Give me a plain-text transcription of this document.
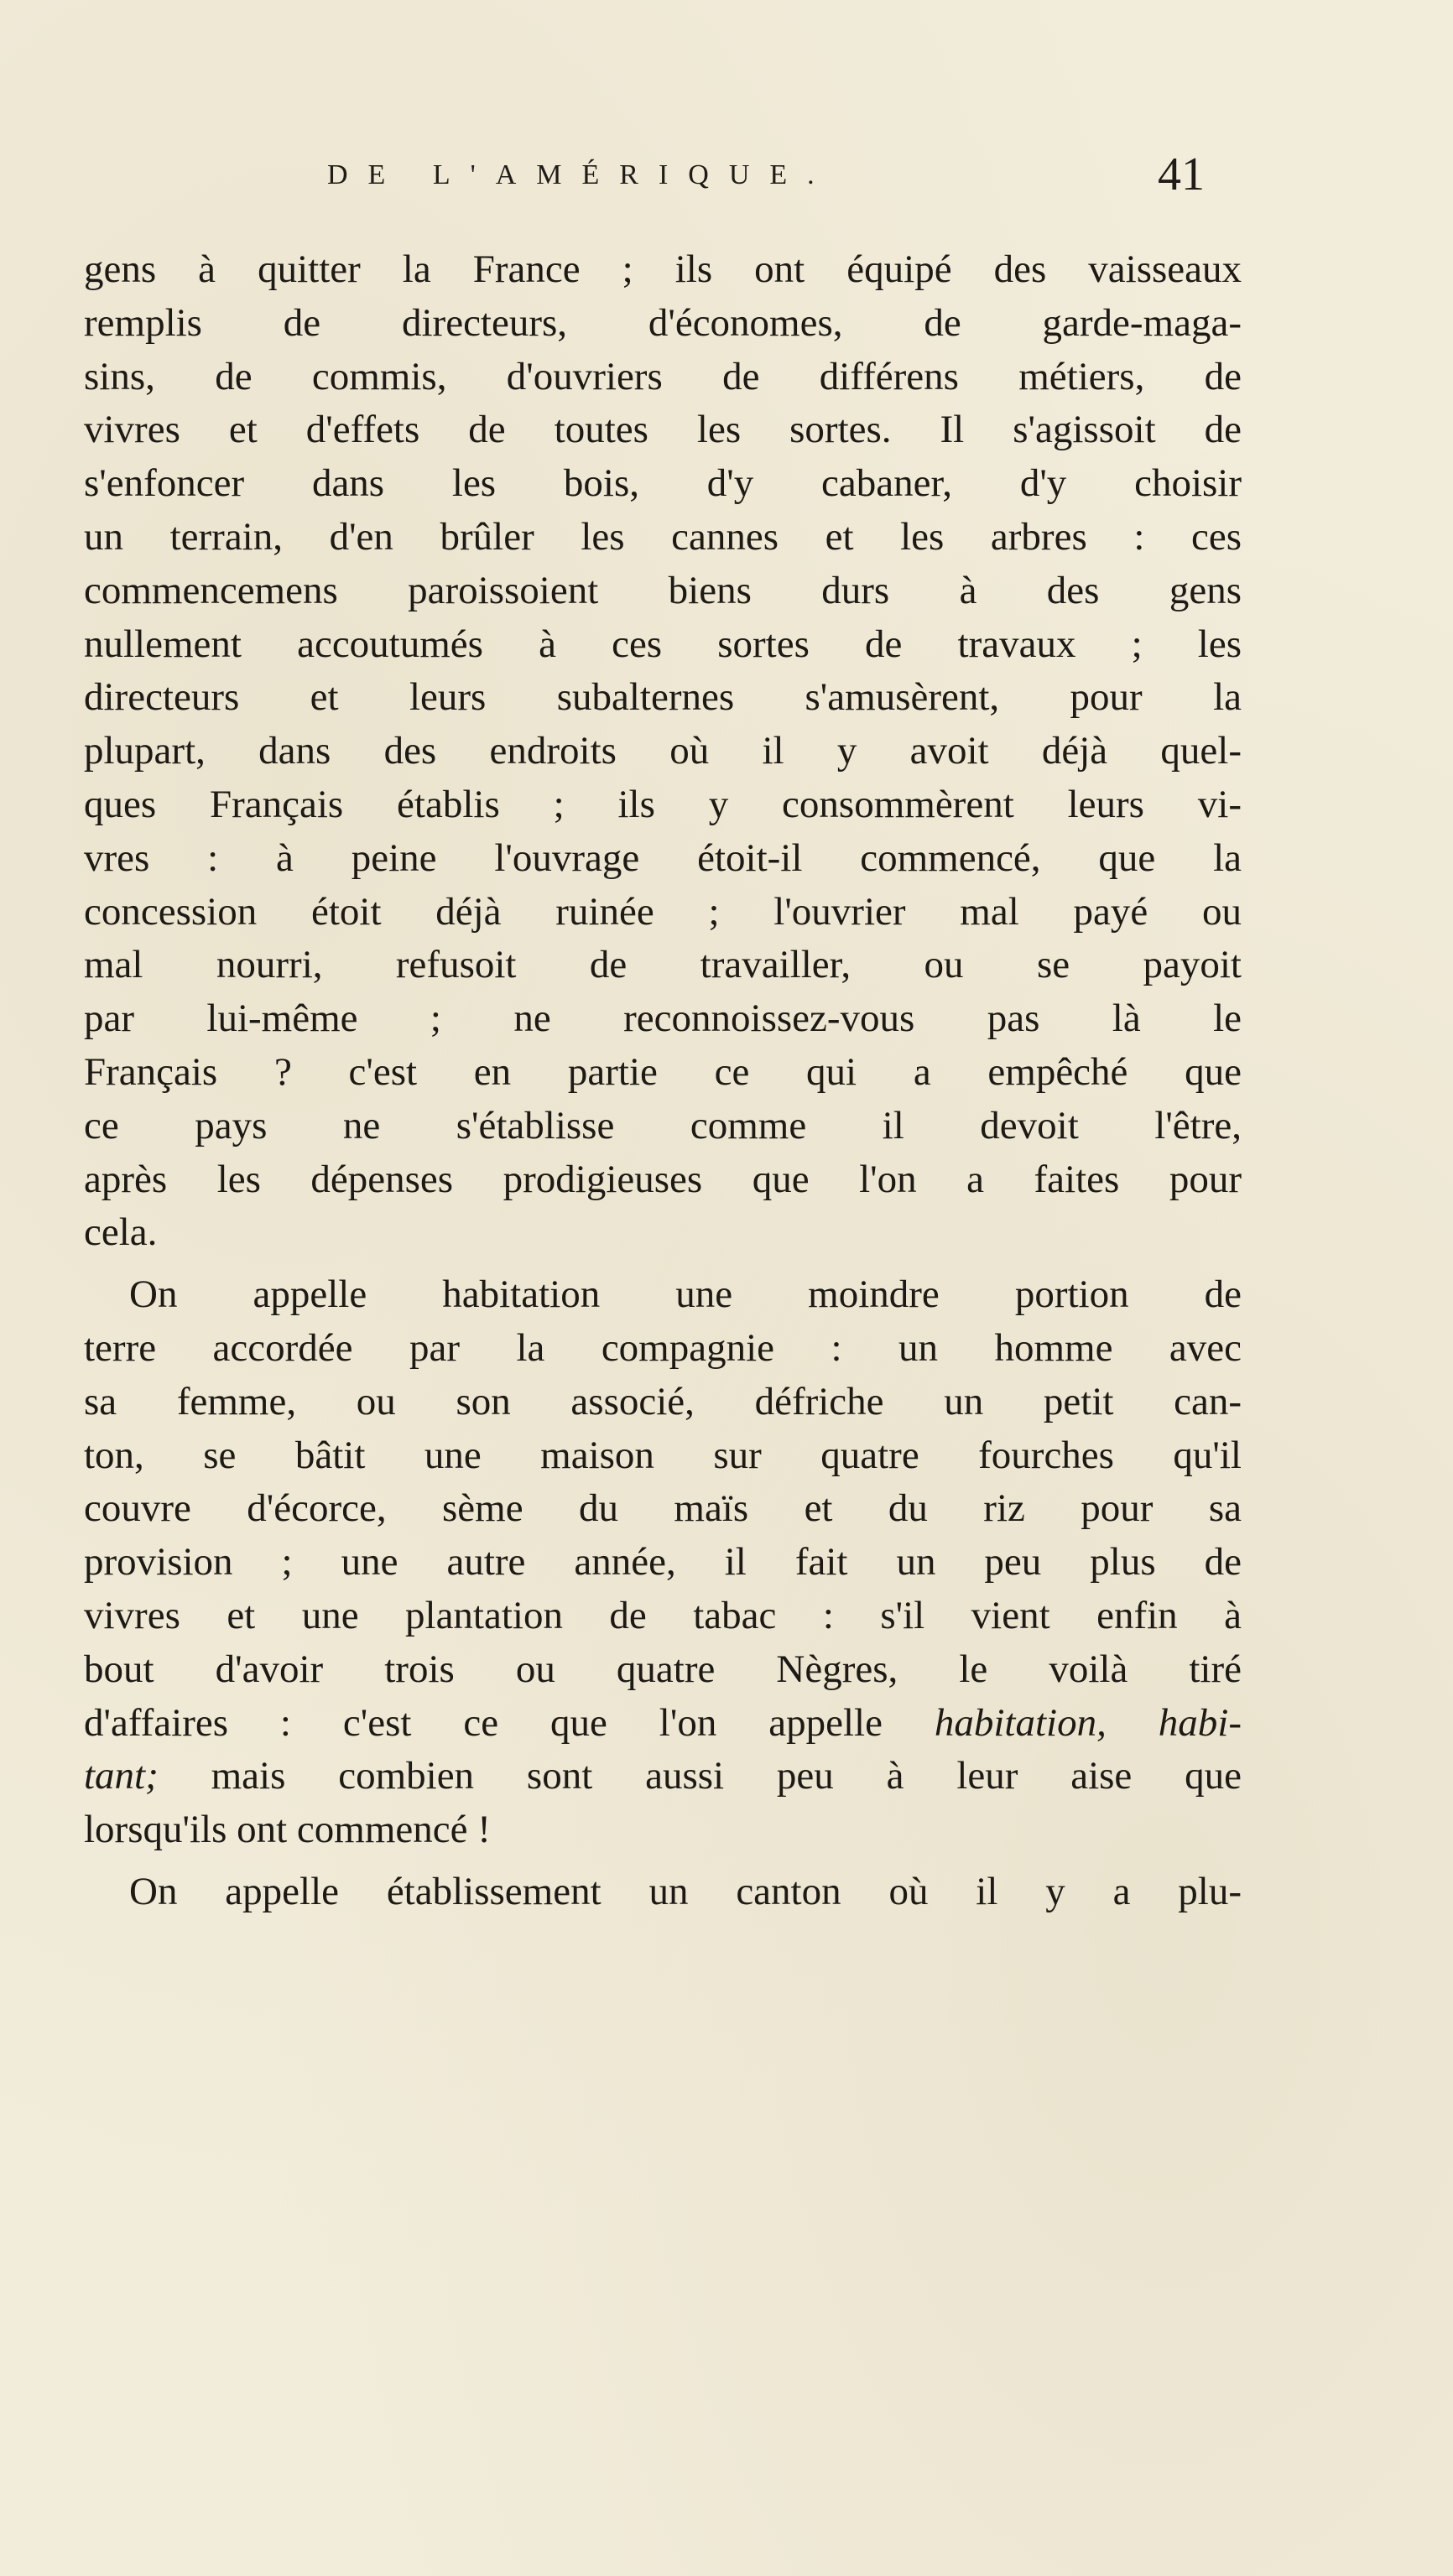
DE L'AMÉRIQUE.	41
gens à quitter la France ; ils ont équipé des vaisseaux
remplis de directeurs, d'économes, de garde-maga-
sins, de commis, d'ouvriers de différens métiers, de
vivres et d'effets de toutes les sortes. Il s'agissoit de
s'enfoncer dans les bois, d'y cabaner, d'y choisir
un terrain, d'en brûler les cannes et les arbres : ces
commencemens paroissoient biens durs à des gens
nullement accoutumés à ces sortes de travaux ; les
directeurs et leurs subalternes s'amusèrent, pour la
plupart, dans des endroits où il y avoit déjà quel-
ques Français établis ; ils y consommèrent leurs vi-
vres : à peine l'ouvrage étoit-il commencé, que la
concession étoit déjà ruinée ; l'ouvrier mal payé ou
mal nourri, refusoit de travailler, ou se payoit
par lui-même ; ne reconnoissez-vous pas là le
Français ? c'est en partie ce qui a empêché que
ce pays ne s'établisse comme il devoit l'être,
après les dépenses prodigieuses que l'on a faites pour
cela.
On appelle habitation une moindre portion de
terre accordée par la compagnie : un homme avec
sa femme, ou son associé, défriche un petit can-
ton, se bâtit une maison sur quatre fourches qu'il
couvre d'écorce, sème du maïs et du riz pour sa
provision ; une autre année, il fait un peu plus de
vivres et une plantation de tabac : s'il vient enfin à
bout d'avoir trois ou quatre Nègres, le voilà tiré
d'affaires : c'est ce que l'on appelle habitation, habi-
tant; mais combien sont aussi peu à leur aise que
lorsqu'ils ont commencé !
On appelle établissement un canton où il y a plu-
